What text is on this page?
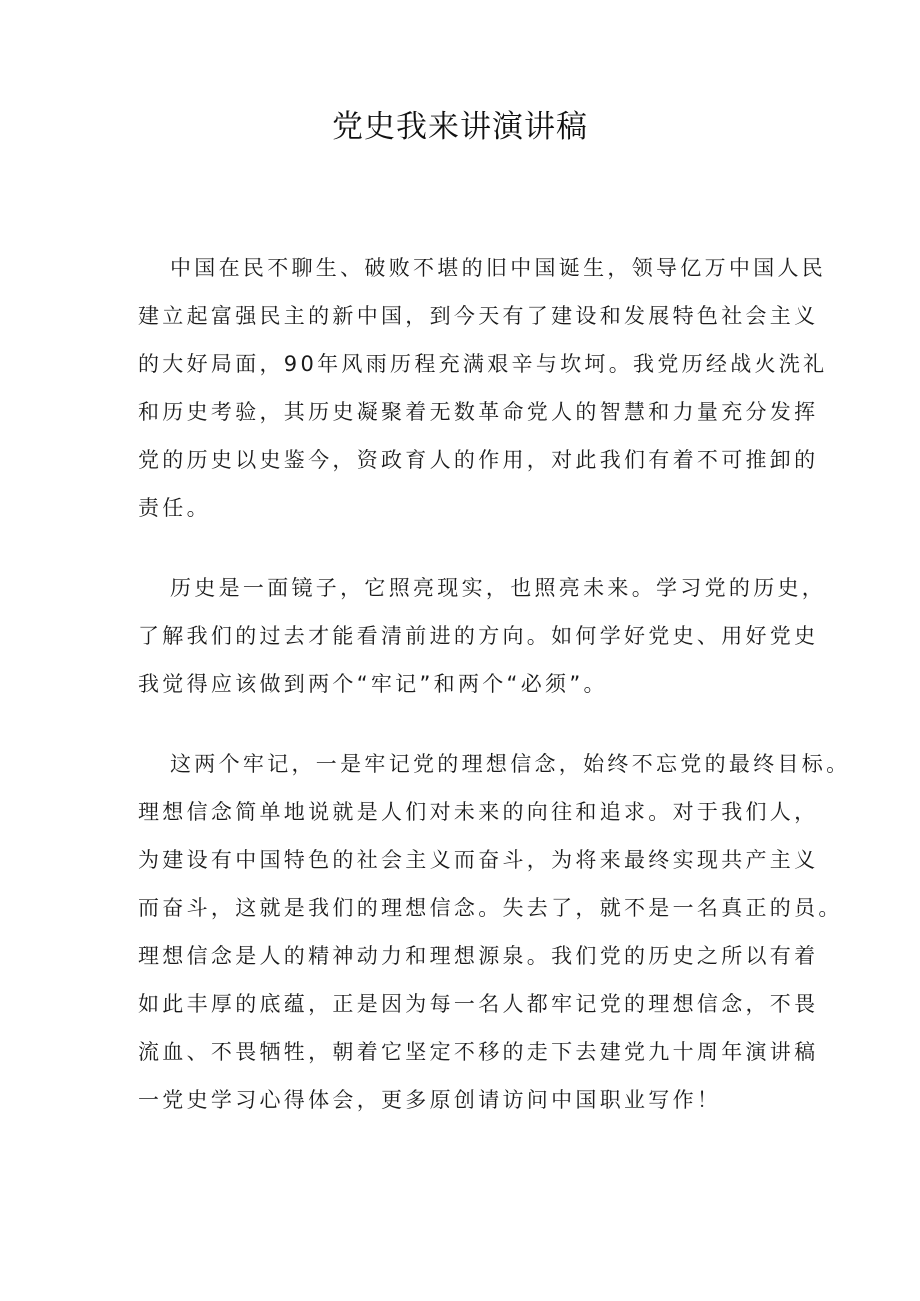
党史我来讲演讲稿
中国在民不聊生、破败不堪的旧中国诞生，领导亿万中国人民
建立起富强民主的新中国，到今天有了建设和发展特色社会主义
的大好局面，90年风雨历程充满艰辛与坎坷。我党历经战火洗礼
和历史考验，其历史凝聚着无数革命党人的智慧和力量充分发挥
党的历史以史鉴今，资政育人的作用，对此我们有着不可推卸的
责任。
历史是一面镜子，它照亮现实，也照亮未来。学习党的历史，
了解我们的过去才能看清前进的方向。如何学好党史、用好党史
我觉得应该做到两个“牢记”和两个“必须”。
这两个牢记，一是牢记党的理想信念，始终不忘党的最终目标。
理想信念简单地说就是人们对未来的向往和追求。对于我们人，
为建设有中国特色的社会主义而奋斗，为将来最终实现共产主义
而奋斗，这就是我们的理想信念。失去了，就不是一名真正的员。
理想信念是人的精神动力和理想源泉。我们党的历史之所以有着
如此丰厚的底蕴，正是因为每一名人都牢记党的理想信念，不畏
流血、不畏牺牲，朝着它坚定不移的走下去建党九十周年演讲稿
一党史学习心得体会，更多原创请访问中国职业写作！
